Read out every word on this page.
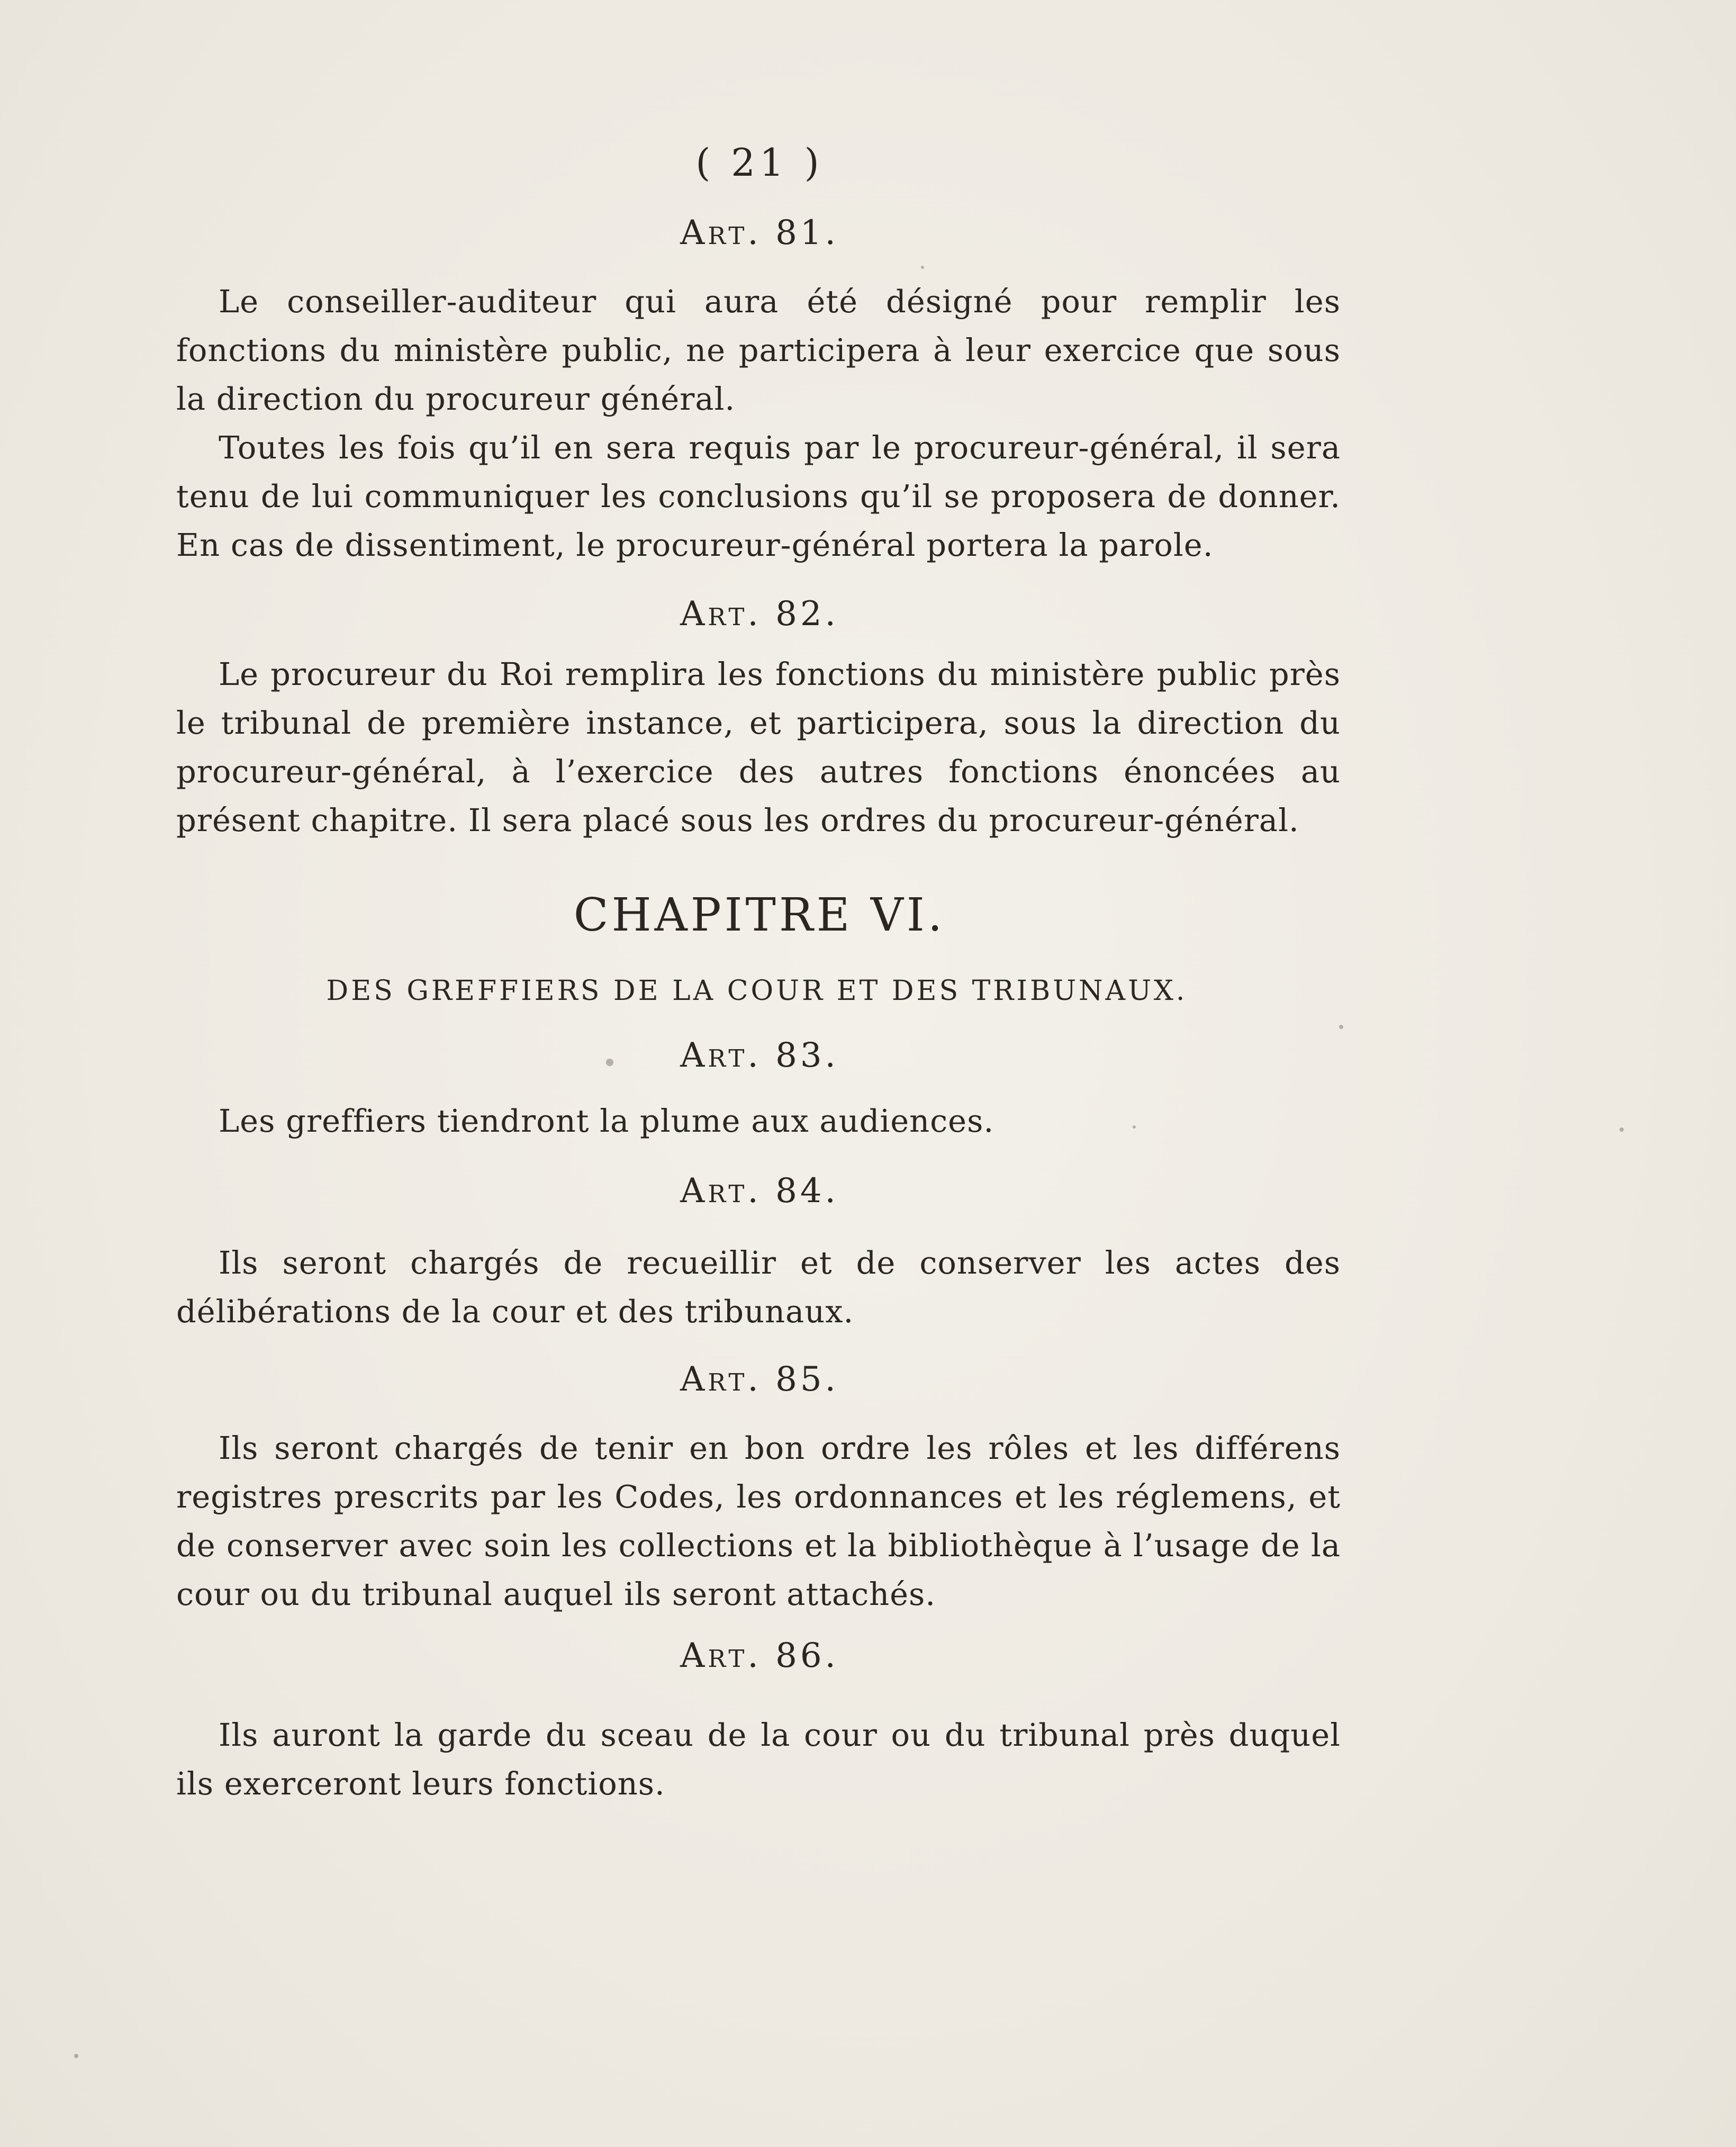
( 21 )
Art. 81.
Le conseiller-auditeur qui aura été désigné pour remplir les fonctions du ministère public, ne participera à leur exercice que sous la direction du procureur général.
Toutes les fois qu’il en sera requis par le procureur-général, il sera tenu de lui communiquer les conclusions qu’il se proposera de donner. En cas de dissentiment, le procureur-général portera la parole.
Art. 82.
Le procureur du Roi remplira les fonctions du ministère public près le tribunal de première instance, et participera, sous la direction du procureur-général, à l’exercice des autres fonctions énoncées au présent chapitre. Il sera placé sous les ordres du procureur-général.
CHAPITRE VI.
DES GREFFIERS DE LA COUR ET DES TRIBUNAUX.
Art. 83.
Les greffiers tiendront la plume aux audiences.
Art. 84.
Ils seront chargés de recueillir et de conserver les actes des délibérations de la cour et des tribunaux.
Art. 85.
Ils seront chargés de tenir en bon ordre les rôles et les différens registres prescrits par les Codes, les ordonnances et les réglemens, et de conserver avec soin les collections et la bibliothèque à l’usage de la cour ou du tribunal auquel ils seront attachés.
Art. 86.
Ils auront la garde du sceau de la cour ou du tribunal près duquel ils exerceront leurs fonctions.
